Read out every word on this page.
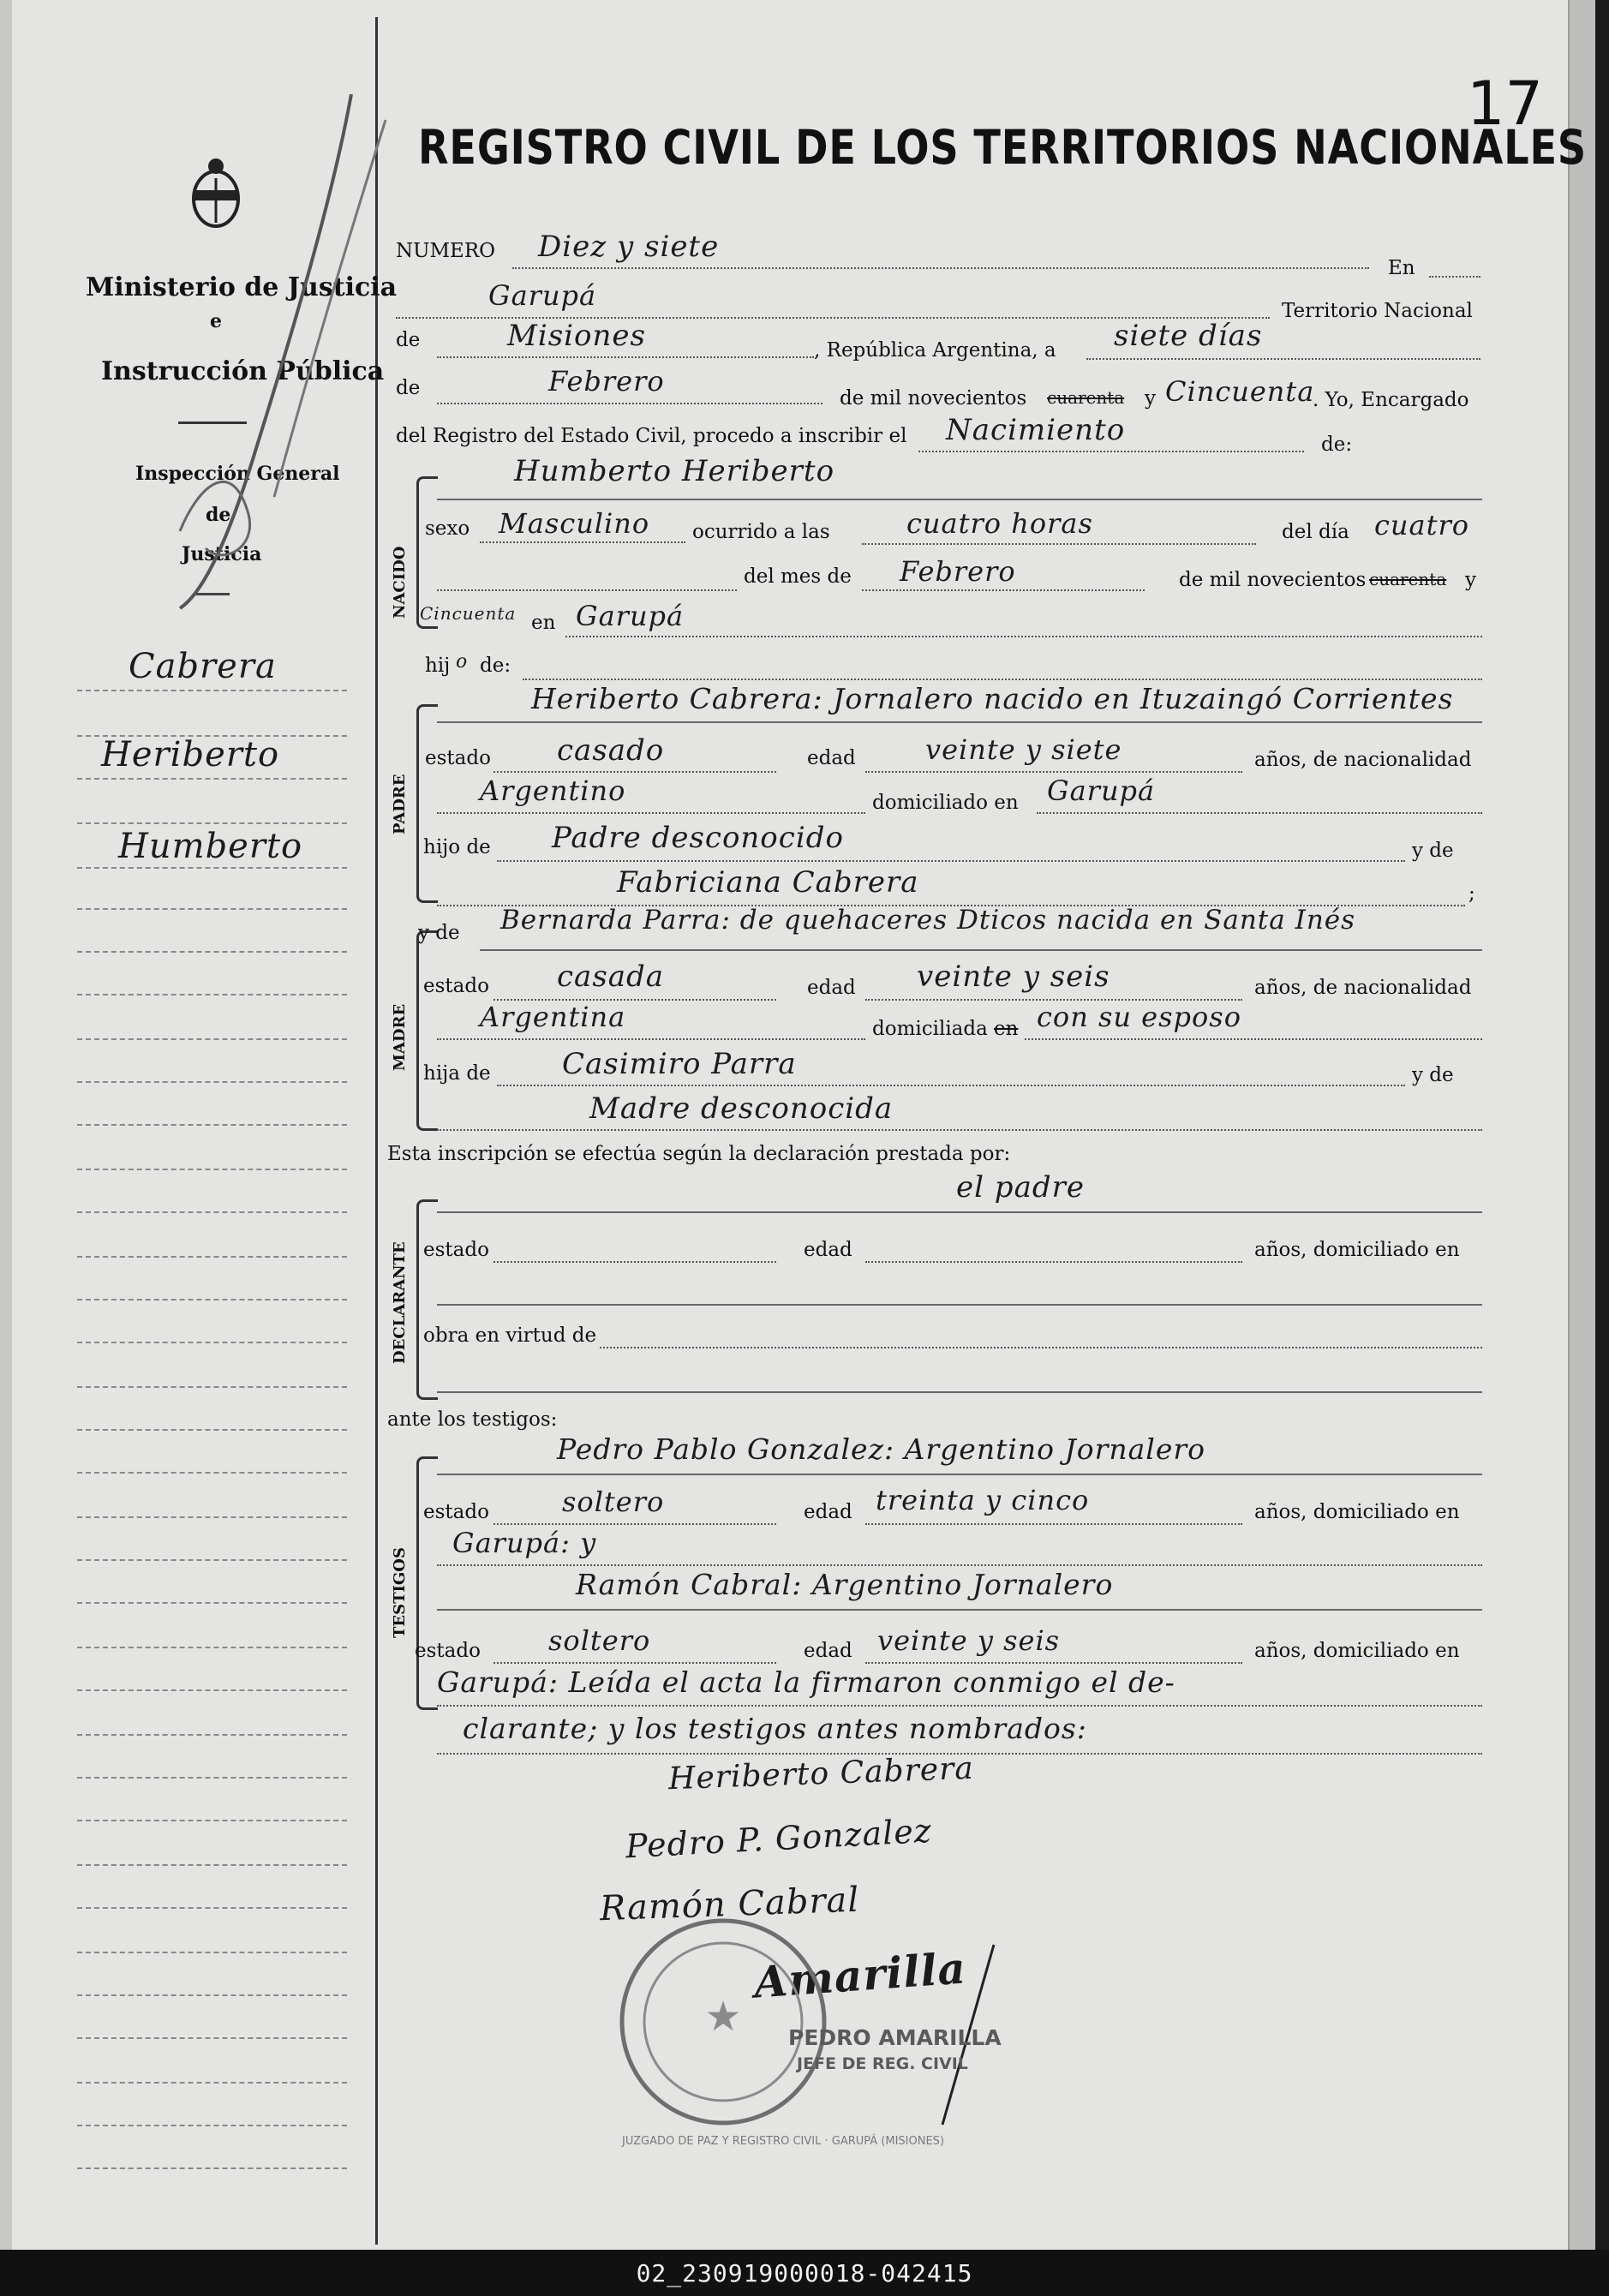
Ministerio de Justicia
e
Instrucción Pública
Inspección General
de
Justicia
Cabrera
Heriberto
Humberto
17
REGISTRO CIVIL DE LOS TERRITORIOS NACIONALES
NUMERO Diez y siete
En
Garupá	Territorio Nacional
de	Misiones	, República Argentina, a siete días
de	Febrero
de mil novecientos cuarenta y Cincuenta
. Yo, Encargado
del Registro del Estado Civil, procedo a inscribir el Nacimiento	de:
NACIDO
Humberto Heriberto
sexo Masculino ocurrido a las	cuatro horas	del día cuatro
del mes de Febrero	de mil novecientos cuarenta y
Cincuenta en Garupá
hij o de:
PADRE
Heriberto Cabrera: Jornalero nacido en Ituzaingó Corrientes
estado casado	edad	veinte y siete	años, de nacionalidad
Argentino	domiciliado en Garupá
hijo de Padre desconocido	y de
Fabriciana Cabrera	;
MADRE
y de Bernarda Parra: de quehaceres Dticos nacida en Santa Inés
estado casada	edad veinte y seis	años, de nacionalidad
Argentina	domiciliada en con su esposo
hija de Casimiro Parra	y de
Madre desconocida
Esta inscripción se efectúa según la declaración prestada por:
DECLARANTE
el padre
estado	edad	años, domiciliado en
obra en virtud de
ante los testigos:
TESTIGOS
Pedro Pablo Gonzalez: Argentino Jornalero
estado	soltero	edad treinta y cinco	años, domiciliado en
Garupá: y
Ramón Cabral: Argentino Jornalero
estado soltero	edad veinte y seis	años, domiciliado en
Garupá: Leída el acta la firmaron conmigo el de-
clarante; y los testigos antes nombrados:
Heriberto Cabrera
Pedro P. Gonzalez
Ramón Cabral
Amarilla
★
JUZGADO DE PAZ Y REGISTRO CIVIL · GARUPÁ (MISIONES)
PEDRO AMARILLA
JEFE DE REG. CIVIL
02_230919000018-042415
